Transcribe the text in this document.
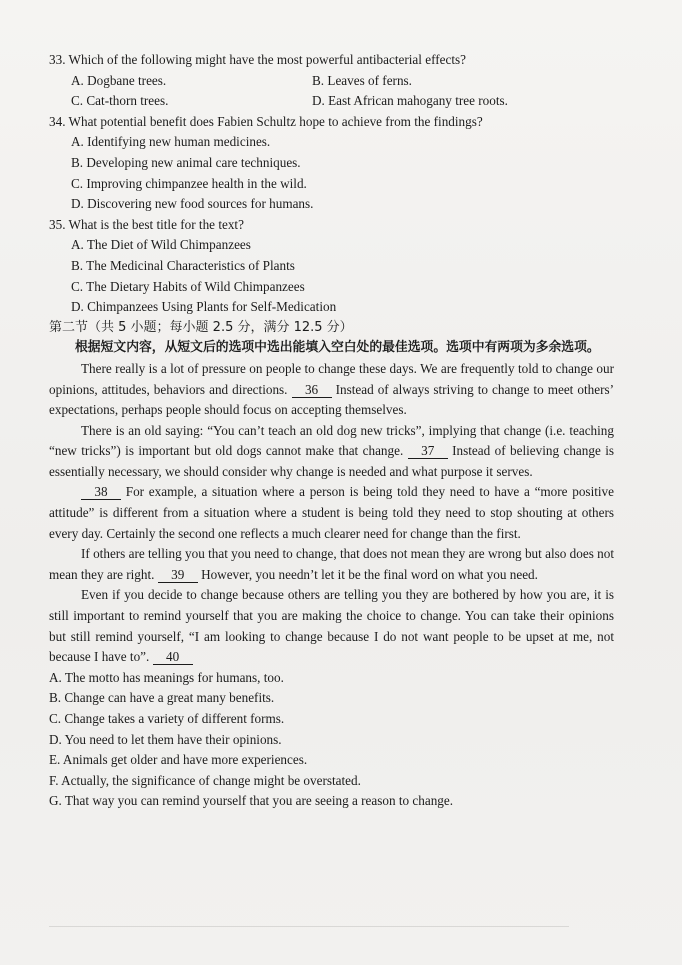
33. Which of the following might have the most powerful antibacterial effects?
A. Dogbane trees.	B. Leaves of ferns.
C. Cat-thorn trees.	D. East African mahogany tree roots.
34. What potential benefit does Fabien Schultz hope to achieve from the findings?
A. Identifying new human medicines.
B. Developing new animal care techniques.
C. Improving chimpanzee health in the wild.
D. Discovering new food sources for humans.
35. What is the best title for the text?
A. The Diet of Wild Chimpanzees
B. The Medicinal Characteristics of Plants
C. The Dietary Habits of Wild Chimpanzees
D. Chimpanzees Using Plants for Self-Medication
第二节（共 5 小题；每小题 2.5 分，满分 12.5 分）
根据短文内容，从短文后的选项中选出能填入空白处的最佳选项。选项中有两项为多余选项。
There really is a lot of pressure on people to change these days. We are frequently told to change our opinions, attitudes, behaviors and directions. 36 Instead of always striving to change to meet others’ expectations, perhaps people should focus on accepting themselves.
There is an old saying: “You can’t teach an old dog new tricks”, implying that change (i.e. teaching “new tricks”) is important but old dogs cannot make that change. 37 Instead of believing change is essentially necessary, we should consider why change is needed and what purpose it serves.
38 For example, a situation where a person is being told they need to have a “more positive attitude” is different from a situation where a student is being told they need to stop shouting at others every day. Certainly the second one reflects a much clearer need for change than the first.
If others are telling you that you need to change, that does not mean they are wrong but also does not mean they are right. 39 However, you needn’t let it be the final word on what you need.
Even if you decide to change because others are telling you they are bothered by how you are, it is still important to remind yourself that you are making the choice to change. You can take their opinions but still remind yourself, “I am looking to change because I do not want people to be upset at me, not because I have to”. 40
A. The motto has meanings for humans, too.
B. Change can have a great many benefits.
C. Change takes a variety of different forms.
D. You need to let them have their opinions.
E. Animals get older and have more experiences.
F. Actually, the significance of change might be overstated.
G. That way you can remind yourself that you are seeing a reason to change.
